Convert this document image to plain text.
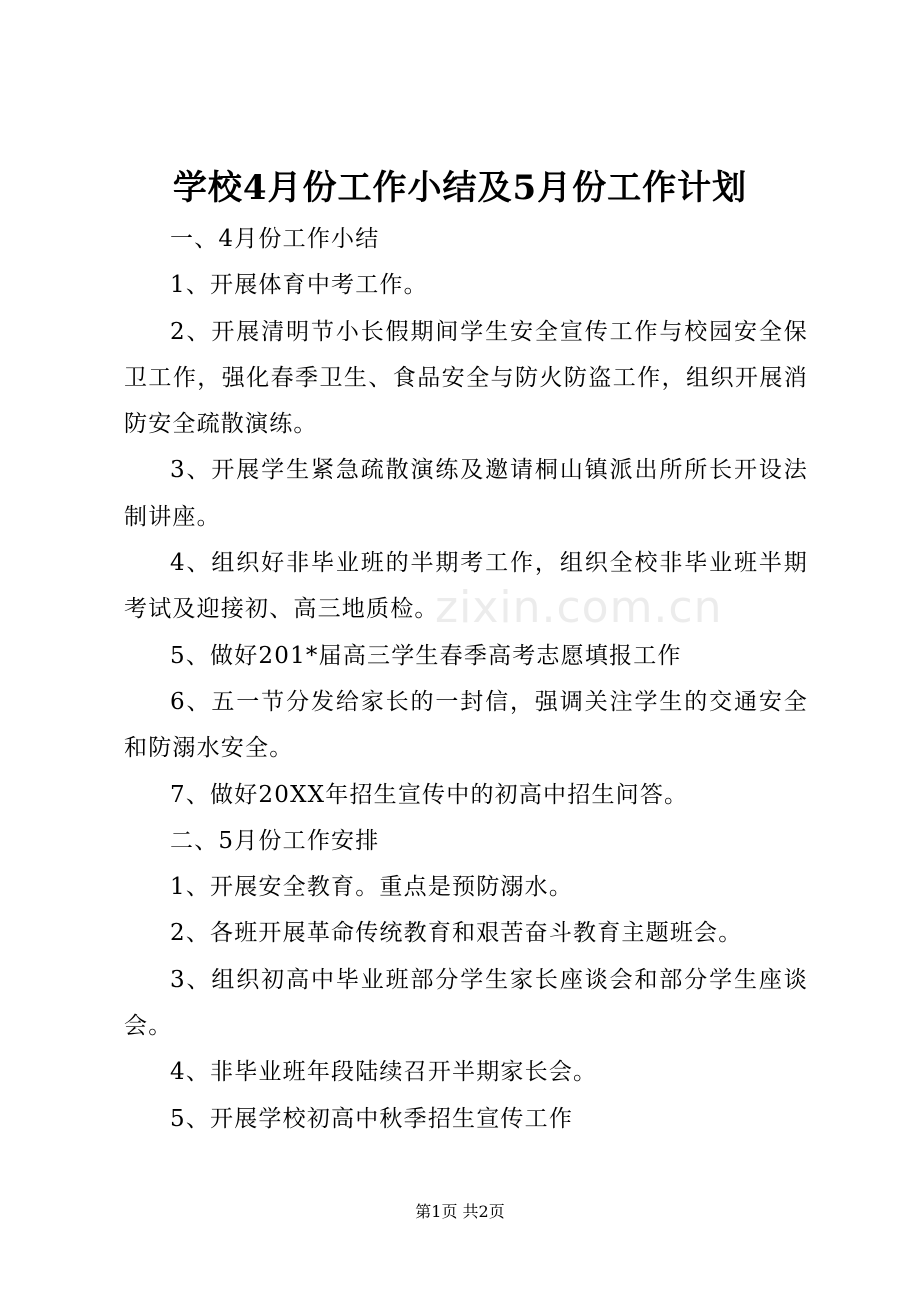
学校4月份工作小结及5月份工作计划
zixin.com.cn

一、4月份工作小结

1、开展体育中考工作。

2、开展清明节小长假期间学生安全宣传工作与校园安全保卫工作，强化春季卫生、食品安全与防火防盗工作，组织开展消防安全疏散演练。

3、开展学生紧急疏散演练及邀请桐山镇派出所所长开设法制讲座。

4、组织好非毕业班的半期考工作，组织全校非毕业班半期考试及迎接初、高三地质检。

5、做好201*届高三学生春季高考志愿填报工作

6、五一节分发给家长的一封信，强调关注学生的交通安全和防溺水安全。

7、做好20XX年招生宣传中的初高中招生问答。

二、5月份工作安排

1、开展安全教育。重点是预防溺水。

2、各班开展革命传统教育和艰苦奋斗教育主题班会。

3、组织初高中毕业班部分学生家长座谈会和部分学生座谈会。

4、非毕业班年段陆续召开半期家长会。

5、开展学校初高中秋季招生宣传工作

第1页 共2页
